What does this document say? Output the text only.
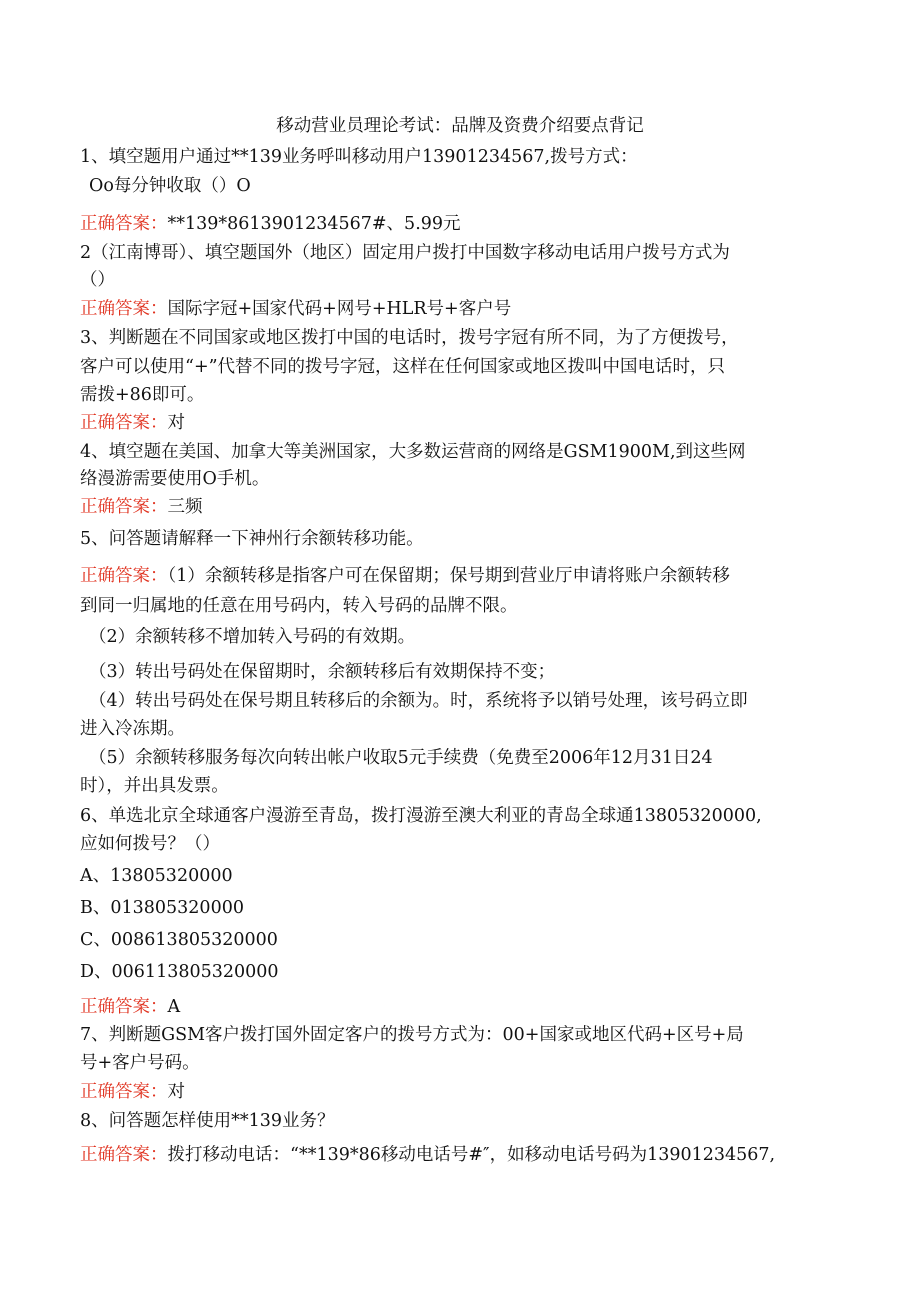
移动营业员理论考试：品牌及资费介绍要点背记
1、填空题用户通过**139业务呼叫移动用户13901234567,拨号方式：
Oo每分钟收取（）O
正确答案：**139*8613901234567#、5.99元
2（江南博哥）、填空题国外（地区）固定用户拨打中国数字移动电话用户拨号方式为
（）
正确答案：国际字冠+国家代码+网号+HLR号+客户号
3、判断题在不同国家或地区拨打中国的电话时，拨号字冠有所不同，为了方便拨号，
客户可以使用“+”代替不同的拨号字冠，这样在任何国家或地区拨叫中国电话时，只
需拨+86即可。
正确答案：对
4、填空题在美国、加拿大等美洲国家，大多数运营商的网络是GSM1900M,到这些网
络漫游需要使用O手机。
正确答案：三频
5、问答题请解释一下神州行余额转移功能。
正确答案：（1）余额转移是指客户可在保留期；保号期到营业厅申请将账户余额转移
到同一归属地的任意在用号码内，转入号码的品牌不限。
（2）余额转移不增加转入号码的有效期。
（3）转出号码处在保留期时，余额转移后有效期保持不变；
（4）转出号码处在保号期且转移后的余额为。时，系统将予以销号处理，该号码立即
进入冷冻期。
（5）余额转移服务每次向转出帐户收取5元手续费（免费至2006年12月31日24
时），并出具发票。
6、单选北京全球通客户漫游至青岛，拨打漫游至澳大利亚的青岛全球通13805320000,
应如何拨号？（）
A、13805320000
B、013805320000
C、008613805320000
D、006113805320000
正确答案：A
7、判断题GSM客户拨打国外固定客户的拨号方式为：00+国家或地区代码+区号+局
号+客户号码。
正确答案：对
8、问答题怎样使用**139业务？
正确答案：拨打移动电话：“**139*86移动电话号#″，如移动电话号码为13901234567,
